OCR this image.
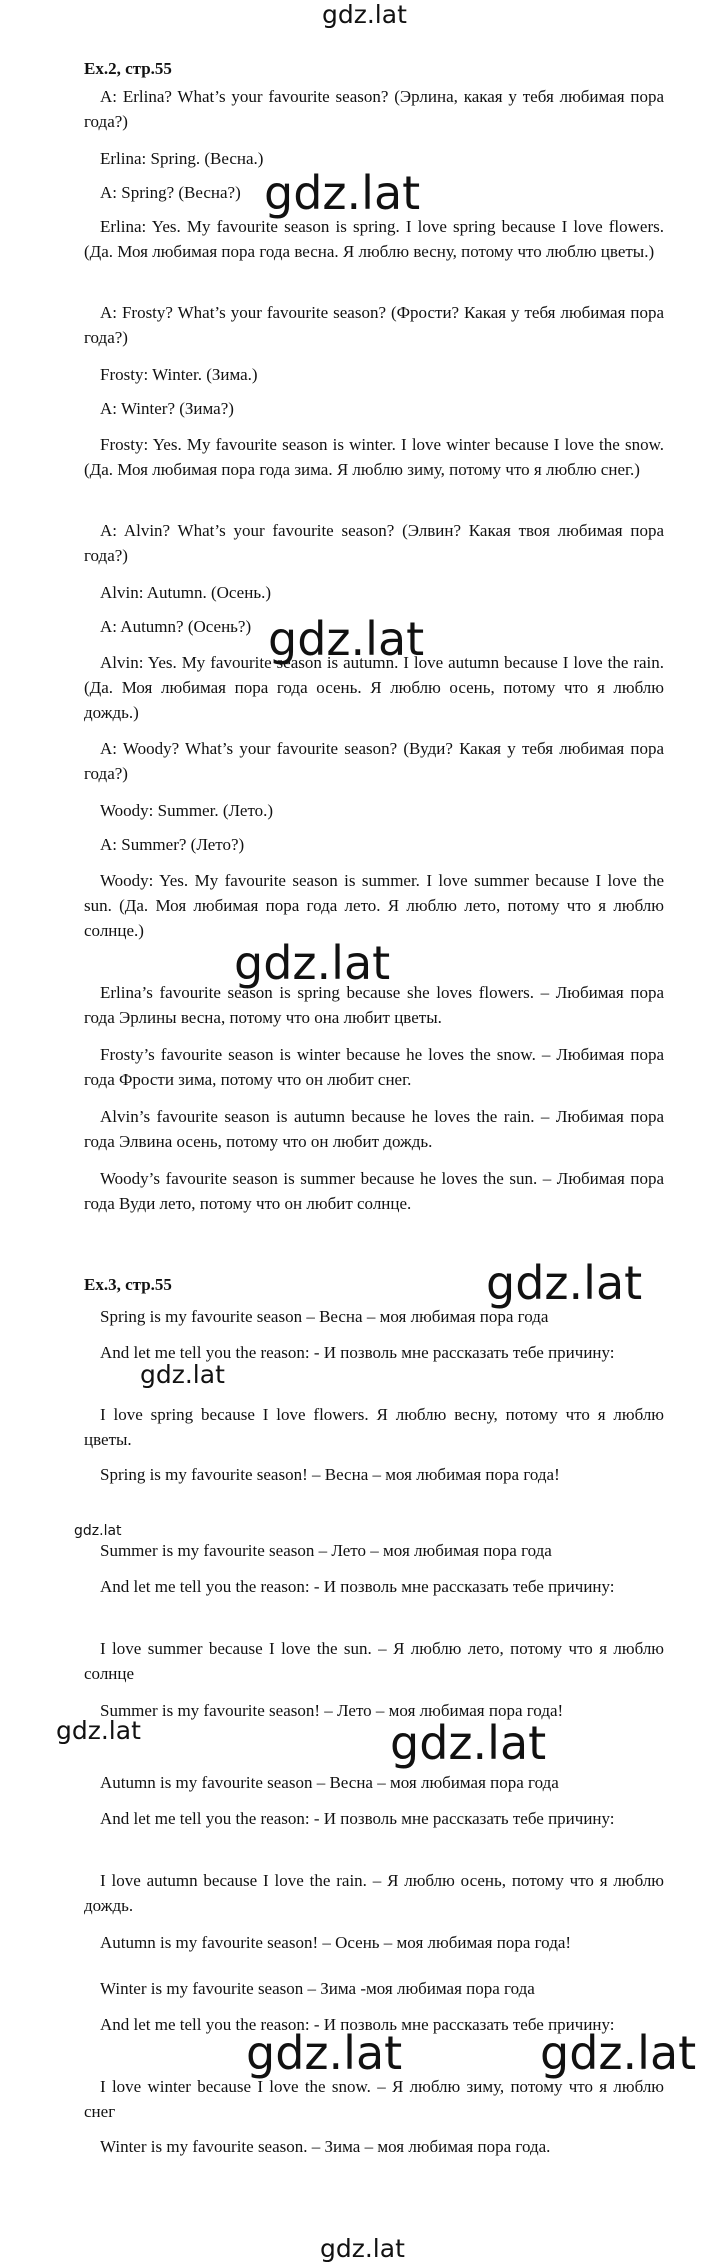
gdz.lat
gdz.lat
gdz.lat
gdz.lat
gdz.lat
gdz.lat
gdz.lat
gdz.lat	gdz.lat
gdz.lat	gdz.lat
gdz.lat
Ex.2, стр.55

A: Erlina? What’s your favourite season? (Эрлина, какая у тебя любимая пора года?)

Erlina: Spring. (Весна.)

A: Spring? (Весна?)

Erlina: Yes. My favourite season is spring. I love spring because I love flowers. (Да. Моя любимая пора года весна. Я люблю весну, потому что люблю цветы.)

A: Frosty? What’s your favourite season? (Фрости? Какая у тебя любимая пора года?)

Frosty: Winter. (Зима.)

A: Winter? (Зима?)

Frosty: Yes. My favourite season is winter. I love winter because I love the snow. (Да. Моя любимая пора года зима. Я люблю зиму, потому что я люблю снег.)

A: Alvin? What’s your favourite season? (Элвин? Какая твоя любимая пора года?)

Alvin: Autumn. (Осень.)

A: Autumn? (Осень?)

Alvin: Yes. My favourite season is autumn. I love autumn because I love the rain. (Да. Моя любимая пора года осень. Я люблю осень, потому что я люблю дождь.)

A: Woody? What’s your favourite season? (Вуди? Какая у тебя любимая пора года?)

Woody: Summer. (Лето.)

A: Summer? (Лето?)

Woody: Yes. My favourite season is summer. I love summer because I love the sun. (Да. Моя любимая пора года лето. Я люблю лето, потому что я люблю солнце.)

Erlina’s favourite season is spring because she loves flowers. – Любимая пора года Эрлины весна, потому что она любит цветы.

Frosty’s favourite season is winter because he loves the snow. – Любимая пора года Фрости зима, потому что он любит снег.

Alvin’s favourite season is autumn because he loves the rain. – Любимая пора года Элвина осень, потому что он любит дождь.

Woody’s favourite season is summer because he loves the sun. – Любимая пора года Вуди лето, потому что он любит солнце.

Ex.3, стр.55

Spring is my favourite season – Весна – моя любимая пора года

And let me tell you the reason: - И позволь мне рассказать тебе причину:

I love spring because I love flowers. Я люблю весну, потому что я люблю цветы.

Spring is my favourite season! – Весна – моя любимая пора года!

Summer is my favourite season – Лето – моя любимая пора года

And let me tell you the reason: - И позволь мне рассказать тебе причину:

I love summer because I love the sun. – Я люблю лето, потому что я люблю солнце

Summer is my favourite season! – Лето – моя любимая пора года!

Autumn is my favourite season – Весна – моя любимая пора года

And let me tell you the reason: - И позволь мне рассказать тебе причину:

I love autumn because I love the rain. – Я люблю осень, потому что я люблю дождь.

Autumn is my favourite season! – Осень – моя любимая пора года!

Winter is my favourite season – Зима -моя любимая пора года

And let me tell you the reason: - И позволь мне рассказать тебе причину:

I love winter because I love the snow. – Я люблю зиму, потому что я люблю снег

Winter is my favourite season. – Зима – моя любимая пора года.
